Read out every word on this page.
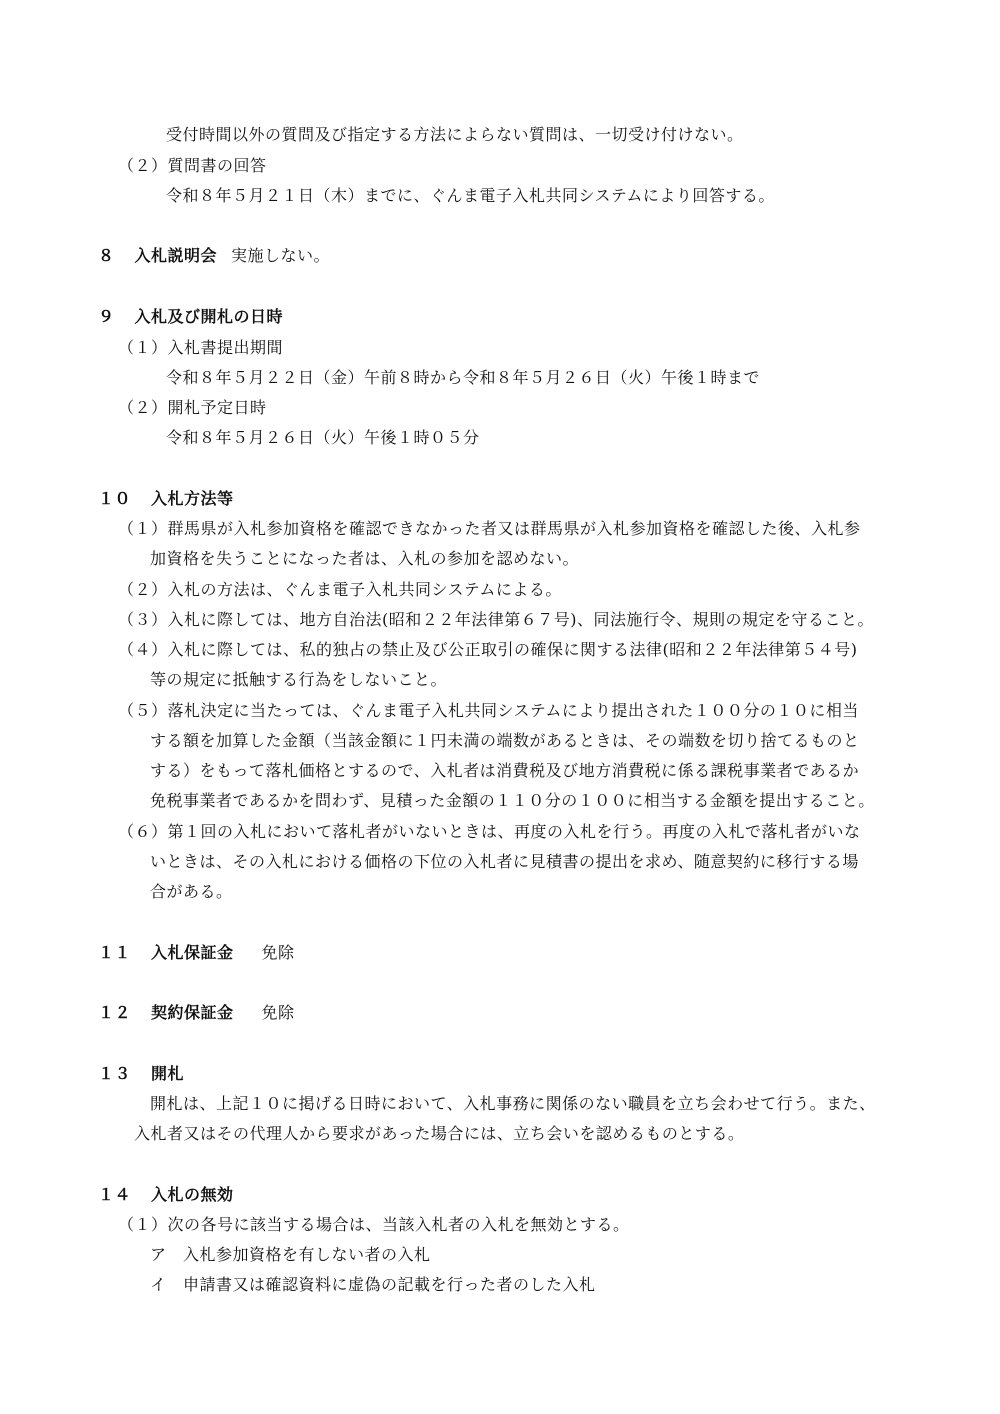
受付時間以外の質問及び指定する方法によらない質問は、一切受け付けない。
（２）質問書の回答
令和８年５月２１日（木）までに、ぐんま電子入札共同システムにより回答する。
８ 入札説明会 実施しない。
９ 入札及び開札の日時
（１）入札書提出期間
令和８年５月２２日（金）午前８時から令和８年５月２６日（火）午後１時まで
（２）開札予定日時
令和８年５月２６日（火）午後１時０５分
１０ 入札方法等
（１）群馬県が入札参加資格を確認できなかった者又は群馬県が入札参加資格を確認した後、入札参
加資格を失うことになった者は、入札の参加を認めない。
（２）入札の方法は、ぐんま電子入札共同システムによる。
（３）入札に際しては、地方自治法(昭和２２年法律第６７号)、同法施行令、規則の規定を守ること。
（４）入札に際しては、私的独占の禁止及び公正取引の確保に関する法律(昭和２２年法律第５４号)
等の規定に抵触する行為をしないこと。
（５）落札決定に当たっては、ぐんま電子入札共同システムにより提出された１００分の１０に相当
する額を加算した金額（当該金額に１円未満の端数があるときは、その端数を切り捨てるものと
する）をもって落札価格とするので、入札者は消費税及び地方消費税に係る課税事業者であるか
免税事業者であるかを問わず、見積った金額の１１０分の１００に相当する金額を提出すること。
（６）第１回の入札において落札者がいないときは、再度の入札を行う。再度の入札で落札者がいな
いときは、その入札における価格の下位の入札者に見積書の提出を求め、随意契約に移行する場
合がある。
１１ 入札保証金 免除
１２ 契約保証金 免除
１３ 開札
開札は、上記１０に掲げる日時において、入札事務に関係のない職員を立ち会わせて行う。また、
入札者又はその代理人から要求があった場合には、立ち会いを認めるものとする。
１４ 入札の無効
（１）次の各号に該当する場合は、当該入札者の入札を無効とする。
ア　入札参加資格を有しない者の入札
イ　申請書又は確認資料に虚偽の記載を行った者のした入札
